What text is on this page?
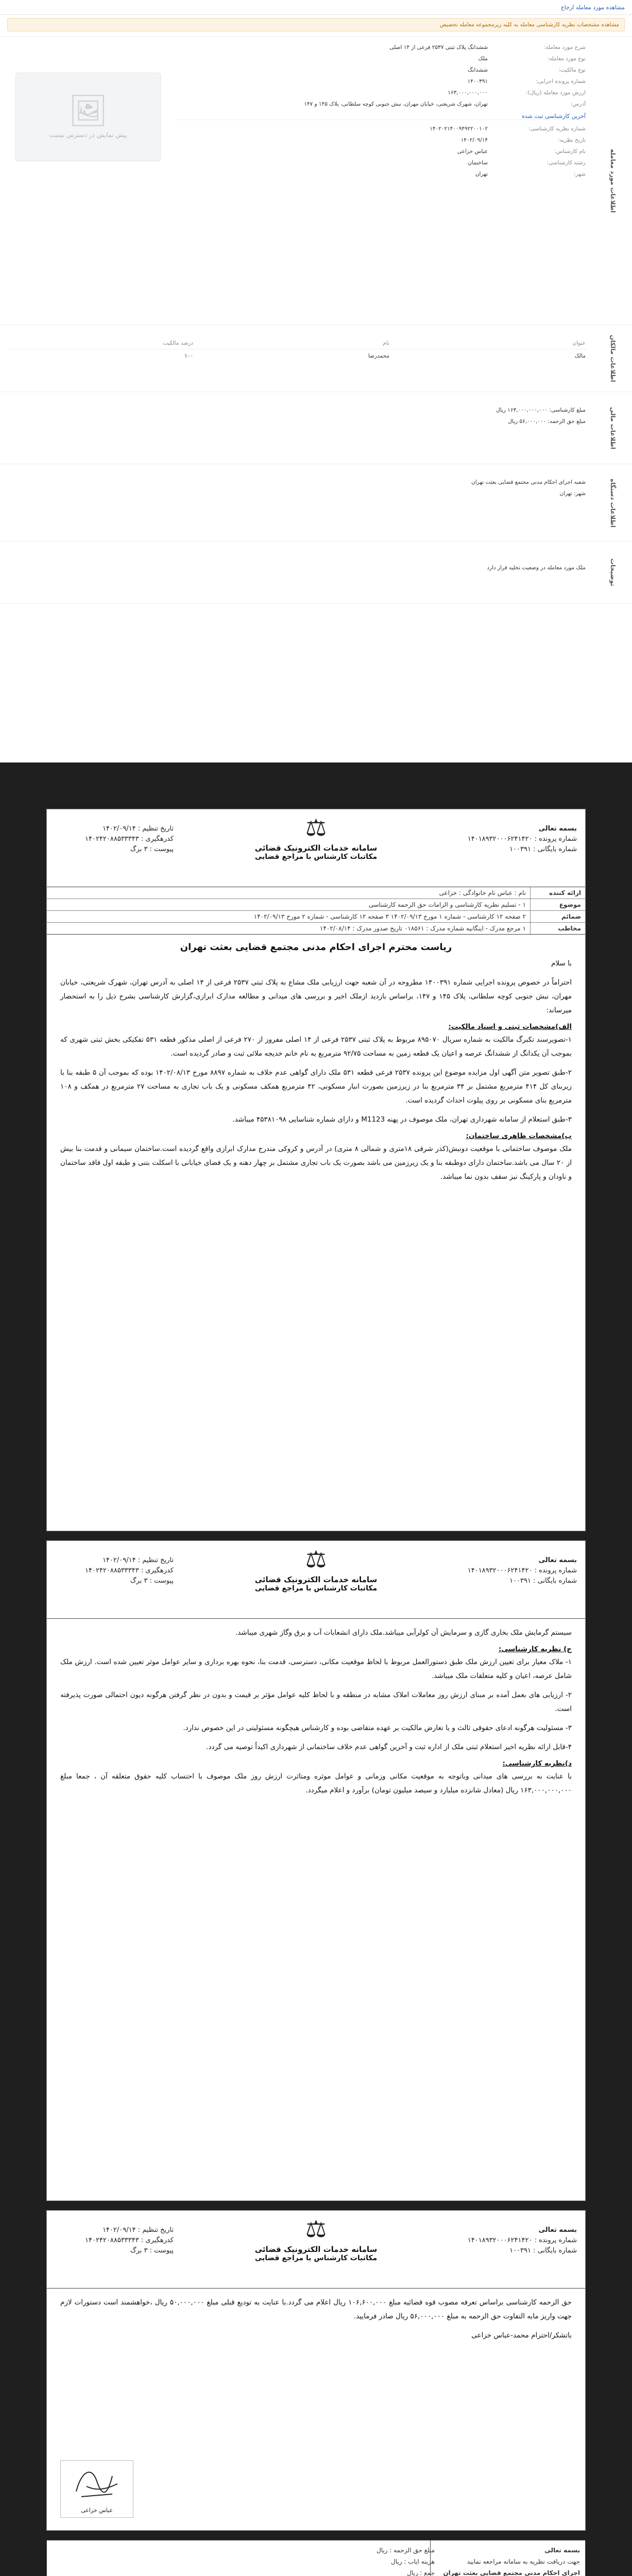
مشاهده مورد معامله ارجاع
مشاهده مشخصات نظریه کارشناسی معامله به کلیه زیرمجموعه معامله تخصیص
اطلاعات مورد معامله
🖼
پیش نمایش در دسترس نیست
شرح مورد معامله:
ششدانگ پلاک ثبتی ۲۵۳۷ فرعی از ۱۴ اصلی
نوع مورد معامله:
ملک
نوع مالکیت:
ششدانگ
شماره پرونده اجرایی:
۱۴۰۰۳۹۱
ارزش مورد معامله (ریال):
۱۶۳,۰۰۰,۰۰۰,۰۰۰
آدرس:
تهران، شهرک شریعتی، خیابان مهران، نبش جنوبی کوچه سلطانی، پلاک ۱۴۵ و ۱۴۷
آخرین کارشناسی ثبت شده
شماره نظریه کارشناسی:
۱۴۰۲۰۲۱۴۰۰۹۴۹۲۲۰۰۱۰۲
تاریخ نظریه:
۱۴۰۲/۰۹/۱۴
نام کارشناس:
عباس خزاعی
رشته کارشناسی:
ساختمان
شهر:
تهران
اطلاعات مالکان
عنوان
نام
درصد مالکیت
مالک
محمدرضا
۱۰۰
اطلاعات مالی
مبلغ کارشناسی: ۱۶۳,۰۰۰,۰۰۰,۰۰۰ ریال
مبلغ حق الزحمه: ۵۶,۰۰۰,۰۰۰ ریال
اطلاعات دستگاه
شعبه اجرای احکام مدنی مجتمع قضایی بعثت تهران
شهر: تهران
توضیحات
ملک مورد معامله در وضعیت تخلیه قرار دارد
بسمه تعالی
شماره پرونده : ۱۴۰۱۸۹۳۲۰۰۰۶۲۴۱۴۲۰
شماره بایگانی : ۱۰۰۳۹۱
⚖
سامانه خدمات الکترونیک قضائی
مکاتبات کارشناس با مراجع قضایی
تاریخ تنظیم : ۱۴۰۲/۰۹/۱۴
کدرهگیری : ۱۴۰۲۴۲۰۸۸۵۳۳۳۴۳
پیوست : ۳ برگ
ارائه کننده
نام : عباس نام خانوادگی : خزاعی
موضوع
۱ - تسلیم نظریه کارشناسی و الزامات حق الزحمه کارشناسی
ضمائم
۲ صفحه ۱۲ کارشناسی - شماره ۱ مورخ ۱۴۰۲/۰۹/۱۳ ۳ صفحه ۱۲ کارشناسی - شماره ۲ مورخ ۱۴۰۲/۰۹/۱۳
مخاطب
۱ مرجع مدرک - اینگانیه شماره مدرک : ۰۱۸۵۶۱ تاریخ صدور مدرک : ۱۴۰۲/۰۸/۱۴
ریاست محترم اجرای احکام مدنی مجتمع قضایی بعثت تهران
با سلام
احتراماً در خصوص پرونده اجرایی شماره ۱۴۰۰۳۹۱ مطروحه در آن شعبه جهت ارزیابی ملک مشاع به پلاک ثبتی ۲۵۳۷ فرعی از ۱۴ اصلی به آدرس تهران، شهرک شریعتی، خیابان مهران، نبش جنوبی کوچه سلطانی، پلاک ۱۴۵ و ۱۴۷، براساس بازدید ازملک اخیر و بررسی های میدانی و مطالعه مدارک ابرازی،گزارش کارشناسی بشرح ذیل را به استحضار میرساند:
الف)مشخصات ثبتی و اسناد مالکیت:
۱-تصویرسند تکبرگ مالکیت به شماره سریال ۸۹۵۰۷۰ مربوط به پلاک ثبتی ۲۵۳۷ فرعی از ۱۴ اصلی مفروز از ۲۷۰ فرعی از اصلی مذکور قطعه ۵۳۱ تفکیکی بخش ثبتی شهری که بموجب آن یکدانگ از ششدانگ عرصه و اعیان یک قطعه زمین به مساحت ۹۲/۷۵ مترمربع به نام خانم خدیجه ملائی ثبت و صادر گردیده است.
۲-طبق تصویر متن آگهی اول مزایده موضوع این پرونده ۲۵۳۷ فرعی قطعه ۵۳۱ ملک دارای گواهی عدم خلاف به شماره ۸۸۹۷ مورخ ۱۴۰۲/۰۸/۱۳ بوده که بموجب آن ۵ طبقه بنا با زیربنای کل ۴۱۴ مترمربع مشتمل بر ۳۴ مترمربع بنا در زیرزمین بصورت انبار مسکونی، ۴۲ مترمربع همکف مسکونی و یک باب تجاری به مساحت ۲۷ مترمربع در همکف و ۱۰۸ مترمربع بنای مسکونی بر روی پیلوت احداث گردیده است.
۳-طبق استعلام از سامانه شهرداری تهران، ملک موصوف در پهنه M1123 و دارای شماره شناسایی ۴۵۳۸۱۰۹۸ میباشد.
ب)مشخصات ظاهری ساختمان:
ملک موصوف ساختمانی با موقعیت دونبش(کذر شرقی ۱۸متری و شمالی ۸ متری) در آدرس و کروکی مندرج مدارک ابرازی واقع گردیده است.ساختمان سیمانی و قدمت بنا بیش از ۲۰ سال می باشد.ساختمان دارای دوطبقه بنا و یک زیرزمین می باشد بصورت یک باب تجاری مشتمل بر چهار دهنه و یک فضای خیابانی با اسکلت بتنی و طبقه اول فاقد ساختمان و ناودان و پارکینگ نیز سقف بدون نما میباشد.
بسمه تعالی
شماره پرونده : ۱۴۰۱۸۹۳۲۰۰۰۶۲۴۱۴۲۰
شماره بایگانی : ۱۰۰۳۹۱
⚖
سامانه خدمات الکترونیک قضائی
مکاتبات کارشناس با مراجع قضایی
تاریخ تنظیم : ۱۴۰۲/۰۹/۱۴
کدرهگیری : ۱۴۰۲۴۲۰۸۸۵۳۳۳۴۳
پیوست : ۳ برگ
سیستم گرمایش ملک بخاری گازی و سرمایش آن کولرآبی میباشد.ملک دارای انشعابات آب و برق وگاز شهری میباشد.
ج) نظریه کارشناسی:
۱- ملاک معیار برای تعیین ارزش ملک طبق دستورالعمل مربوط با لحاظ موقعیت مکانی، دسترسی، قدمت بنا، نحوه بهره برداری و سایر عوامل موثر تعیین شده است. ارزش ملک شامل عرصه، اعیان و کلیه متعلقات ملک میباشد.
۲- ارزیابی های بعمل آمده بر مبنای ارزش روز معاملات املاک مشابه در منطقه و با لحاظ کلیه عوامل مؤثر بر قیمت و بدون در نظر گرفتن هرگونه دیون احتمالی صورت پذیرفته است.
۳- مسئولیت هرگونه ادعای حقوقی ثالث و یا تعارض مالکیت بر عهده متقاضی بوده و کارشناس هیچگونه مسئولیتی در این خصوص ندارد.
۴-قابل ارائه نظریه اخیر استعلام ثبتی ملک از اداره ثبت و آخرین گواهی عدم خلاف ساختمانی از شهرداری اکیداً توصیه می گردد.
د)نظریه کارشناسی:
با عنایت به بررسی های میدانی وباتوجه به موقعیت مکانی وزمانی و عوامل موثره ومتاثرت ارزش روز ملک موصوف با احتساب کلیه حقوق متعلقه آن ، جمعا مبلغ ۱۶۳,۰۰۰,۰۰۰,۰۰۰ ریال (معادل شانزده میلیارد و سیصد میلیون تومان) برآورد و اعلام میگردد.
بسمه تعالی
شماره پرونده : ۱۴۰۱۸۹۳۲۰۰۰۶۲۴۱۴۲۰
شماره بایگانی : ۱۰۰۳۹۱
⚖
سامانه خدمات الکترونیک قضائی
مکاتبات کارشناس با مراجع قضایی
تاریخ تنظیم : ۱۴۰۲/۰۹/۱۴
کدرهگیری : ۱۴۰۲۴۲۰۸۸۵۳۳۳۴۳
پیوست : ۳ برگ
حق الزحمه کارشناسی براساس تعرفه مصوب قوه قضائیه مبلغ ۱۰۶,۶۰۰,۰۰۰ ریال اعلام می گردد.با عنایت به تودیع قبلی مبلغ ۵۰,۰۰۰,۰۰۰ ریال ،خواهشمند است دستورات لازم جهت واریز مابه التفاوت حق الزحمه به مبلغ ۵۶,۰۰۰,۰۰۰ ریال صادر فرمایید.
باتشکر/احترام محمد-عباس خزاعی
عباس خزاعی
بسمه تعالی
جهت دریافت نظریه به سامانه مراجعه نمایید
اجرای احکام مدنی مجتمع قضایی بعثت تهران
مبلغ حق الزحمه : ریال
هزینه ایاب : ریال
جمع : ریال
